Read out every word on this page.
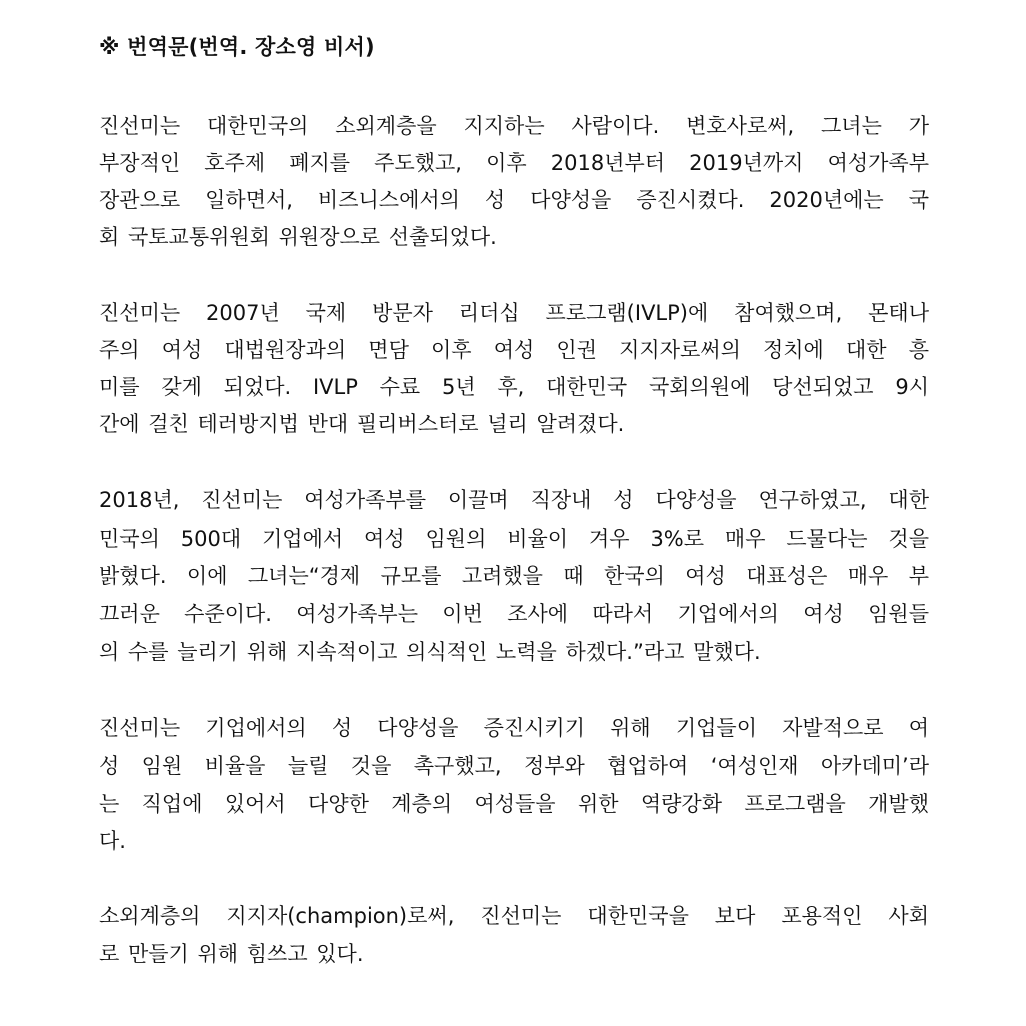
※ 번역문(번역. 장소영 비서)
진선미는 대한민국의 소외계층을 지지하는 사람이다. 변호사로써, 그녀는 가
부장적인 호주제 폐지를 주도했고, 이후 2018년부터 2019년까지 여성가족부
장관으로 일하면서, 비즈니스에서의 성 다양성을 증진시켰다. 2020년에는 국
회 국토교통위원회 위원장으로 선출되었다.
진선미는 2007년 국제 방문자 리더십 프로그램(IVLP)에 참여했으며, 몬태나
주의 여성 대법원장과의 면담 이후 여성 인권 지지자로써의 정치에 대한 흥
미를 갖게 되었다. IVLP 수료 5년 후, 대한민국 국회의원에 당선되었고 9시
간에 걸친 테러방지법 반대 필리버스터로 널리 알려졌다.
2018년, 진선미는 여성가족부를 이끌며 직장내 성 다양성을 연구하였고, 대한
민국의 500대 기업에서 여성 임원의 비율이 겨우 3%로 매우 드물다는 것을
밝혔다. 이에 그녀는“경제 규모를 고려했을 때 한국의 여성 대표성은 매우 부
끄러운 수준이다. 여성가족부는 이번 조사에 따라서 기업에서의 여성 임원들
의 수를 늘리기 위해 지속적이고 의식적인 노력을 하겠다.”라고 말했다.
진선미는 기업에서의 성 다양성을 증진시키기 위해 기업들이 자발적으로 여
성 임원 비율을 늘릴 것을 촉구했고, 정부와 협업하여 ‘여성인재 아카데미’라
는 직업에 있어서 다양한 계층의 여성들을 위한 역량강화 프로그램을 개발했
다.
소외계층의 지지자(champion)로써, 진선미는 대한민국을 보다 포용적인 사회
로 만들기 위해 힘쓰고 있다.
